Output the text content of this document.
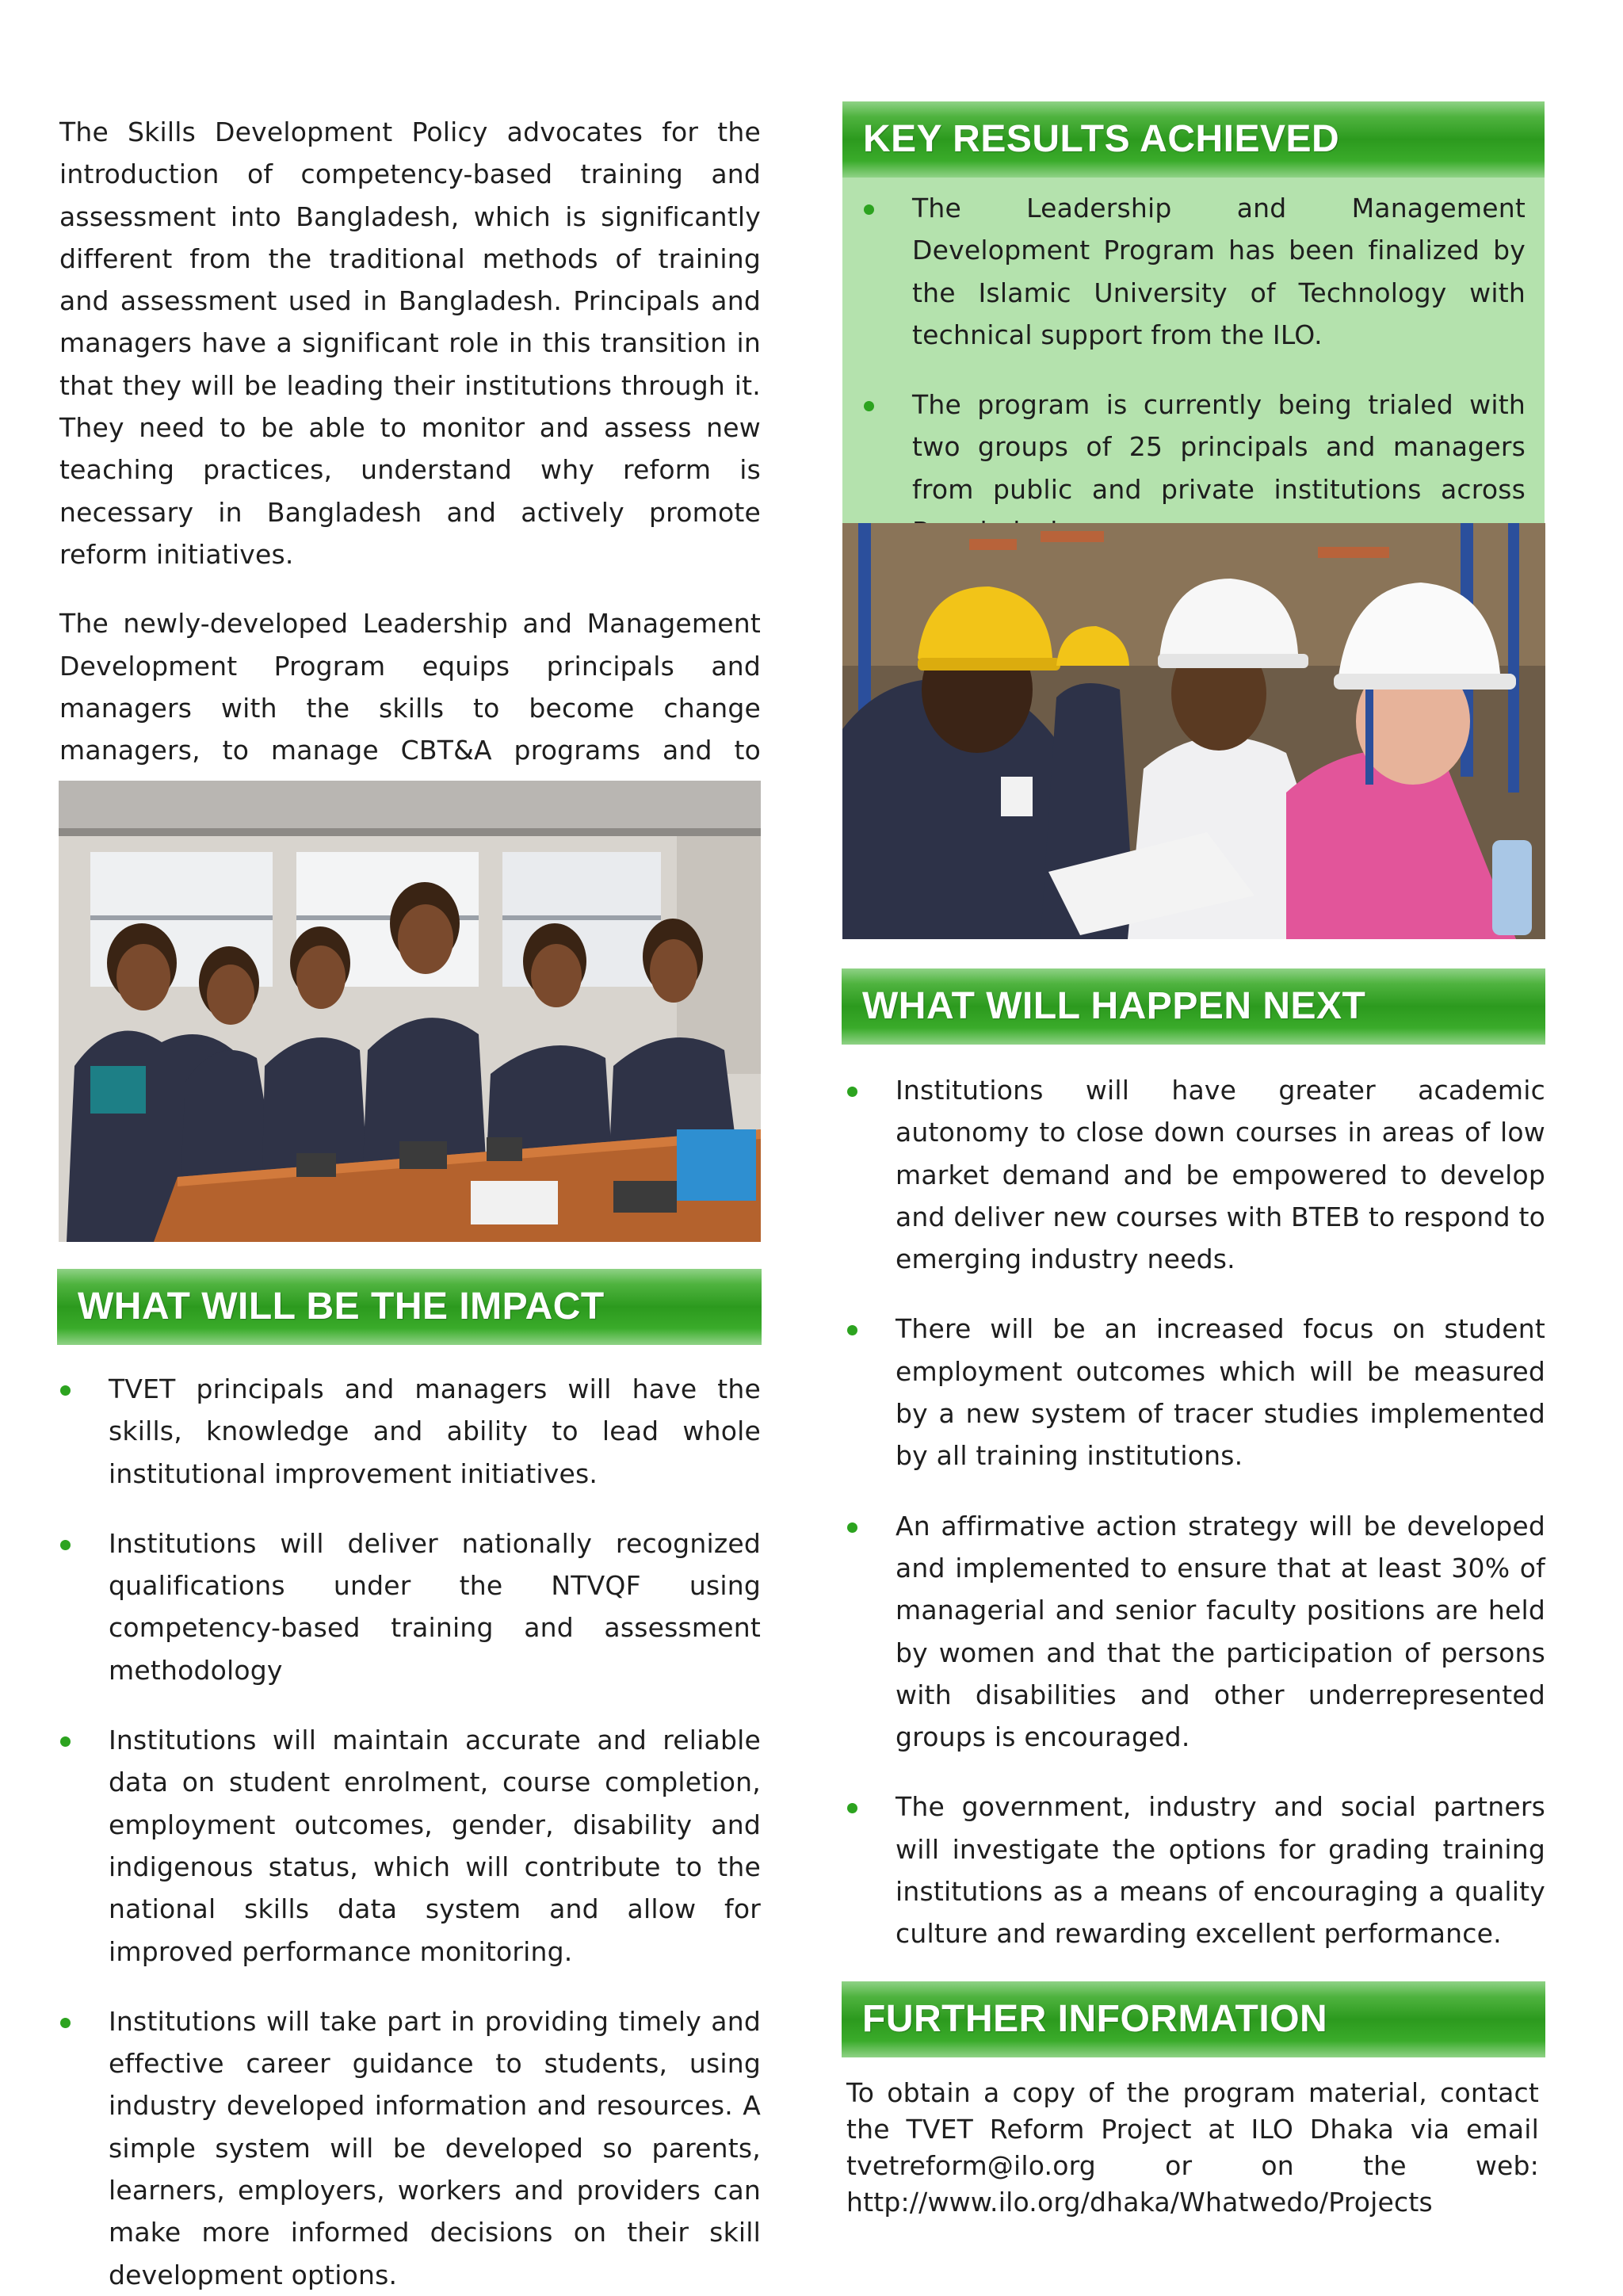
The Skills Development Policy advocates for the introduction of competency-based training and assessment into Bangladesh, which is significantly different from the traditional methods of training and assessment used in Bangladesh. Principals and managers have a significant role in this transition in that they will be leading their institutions through it. They need to be able to monitor and assess new teaching practices, understand why reform is necessary in Bangladesh and actively promote reform initiatives.

The newly-developed Leadership and Management Development Program equips principals and managers with the skills to become change managers, to manage CBT&A programs and to

WHAT WILL BE THE IMPACT
TVET principals and managers will have the skills, knowledge and ability to lead whole institutional improvement initiatives.
Institutions will deliver nationally recognized qualifications under the NTVQF using competency-based training and assessment methodology
Institutions will maintain accurate and reliable data on student enrolment, course completion, employment outcomes, gender, disability and indigenous status, which will contribute to the national skills data system and allow for improved performance monitoring.
Institutions will take part in providing timely and effective career guidance to students, using industry developed information and resources. A simple system will be developed so parents, learners, employers, workers and providers can make more informed decisions on their skill development options.
KEY RESULTS ACHIEVED
The Leadership and Management Development Program has been finalized by the Islamic University of Technology with technical support from the ILO.
The program is currently being trialed with two groups of 25 principals and managers from public and private institutions across
WHAT WILL HAPPEN NEXT
Institutions will have greater academic autonomy to close down courses in areas of low market demand and be empowered to develop and deliver new courses with BTEB to respond to emerging industry needs.
There will be an increased focus on student employment outcomes which will be measured by a new system of tracer studies implemented by all training institutions.
An affirmative action strategy will be developed and implemented to ensure that at least 30% of managerial and senior faculty positions are held by women and that the participation of persons with disabilities and other underrepresented groups is encouraged.
The government, industry and social partners will investigate the options for grading training institutions as a means of encouraging a quality culture and rewarding excellent performance.
FURTHER INFORMATION
To obtain a copy of the program material, contact the TVET Reform Project at ILO Dhaka via email tvetreform@ilo.org or on the web: http://www.ilo.org/dhaka/Whatwedo/Projects
